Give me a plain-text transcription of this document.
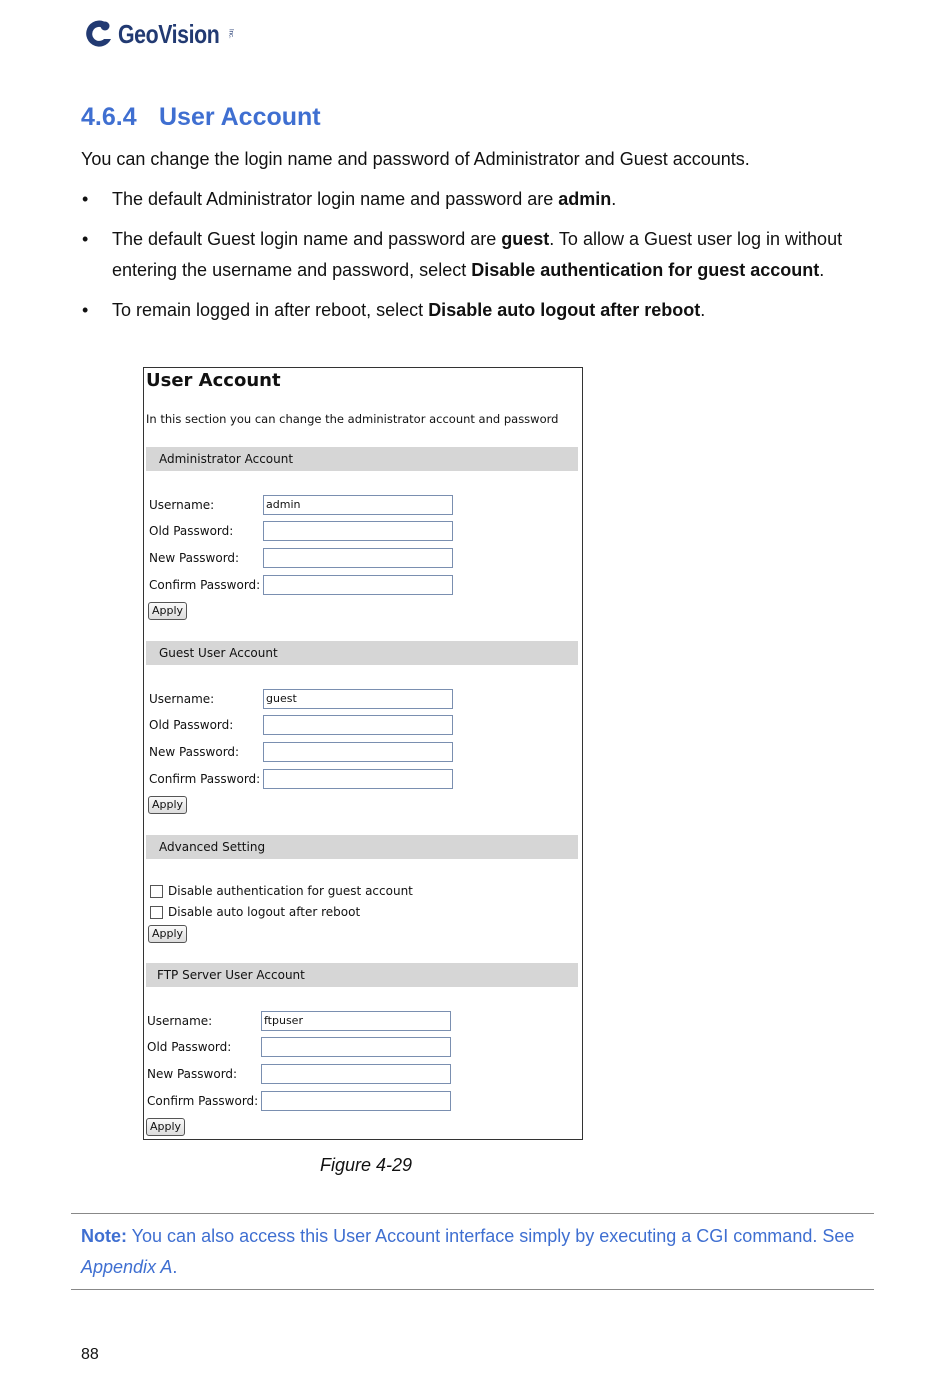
GeoVision Inc.
4.6.4 User Account

You can change the login name and password of Administrator and Guest accounts.

• The default Administrator login name and password are admin.
• The default Guest login name and password are guest. To allow a Guest user log in without entering the username and password, select Disable authentication for guest account.
• To remain logged in after reboot, select Disable auto logout after reboot.
User Account
In this section you can change the administrator account and password
Administrator Account
Username:	admin
Old Password:
New Password:
Confirm Password:
Apply
Guest User Account
Username:	guest
Old Password:
New Password:
Confirm Password:
Apply
Advanced Setting
Disable authentication for guest account
Disable auto logout after reboot
Apply
FTP Server User Account
Username:	ftpuser
Old Password:
New Password:
Confirm Password:
Apply
Figure 4-29

Note: You can also access this User Account interface simply by executing a CGI command. See Appendix A.

88
